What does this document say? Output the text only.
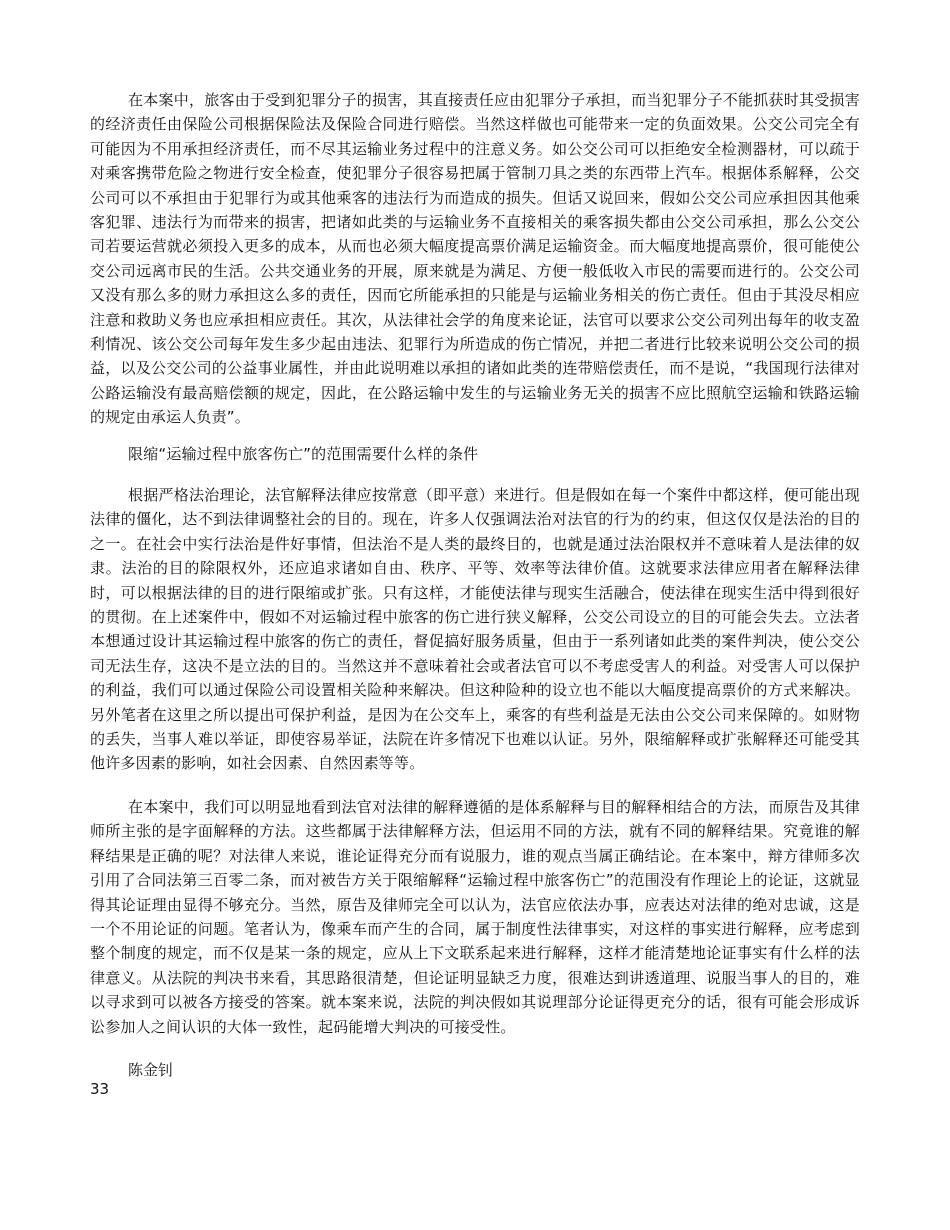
在本案中，旅客由于受到犯罪分子的损害，其直接责任应由犯罪分子承担，而当犯罪分子不能抓获时其受损害的经济责任由保险公司根据保险法及保险合同进行赔偿。当然这样做也可能带来一定的负面效果。公交公司完全有可能因为不用承担经济责任，而不尽其运输业务过程中的注意义务。如公交公司可以拒绝安全检测器材，可以疏于对乘客携带危险之物进行安全检查，使犯罪分子很容易把属于管制刀具之类的东西带上汽车。根据体系解释，公交公司可以不承担由于犯罪行为或其他乘客的违法行为而造成的损失。但话又说回来，假如公交公司应承担因其他乘客犯罪、违法行为而带来的损害，把诸如此类的与运输业务不直接相关的乘客损失都由公交公司承担，那么公交公司若要运营就必须投入更多的成本，从而也必须大幅度提高票价满足运输资金。而大幅度地提高票价，很可能使公交公司远离市民的生活。公共交通业务的开展，原来就是为满足、方便一般低收入市民的需要而进行的。公交公司又没有那么多的财力承担这么多的责任，因而它所能承担的只能是与运输业务相关的伤亡责任。但由于其没尽相应注意和救助义务也应承担相应责任。其次，从法律社会学的角度来论证，法官可以要求公交公司列出每年的收支盈利情况、该公交公司每年发生多少起由违法、犯罪行为所造成的伤亡情况，并把二者进行比较来说明公交公司的损益，以及公交公司的公益事业属性，并由此说明难以承担的诸如此类的连带赔偿责任，而不是说，“我国现行法律对公路运输没有最高赔偿额的规定，因此，在公路运输中发生的与运输业务无关的损害不应比照航空运输和铁路运输的规定由承运人负责”。

限缩“运输过程中旅客伤亡”的范围需要什么样的条件

根据严格法治理论，法官解释法律应按常意（即平意）来进行。但是假如在每一个案件中都这样，便可能出现法律的僵化，达不到法律调整社会的目的。现在，许多人仅强调法治对法官的行为的约束，但这仅仅是法治的目的之一。在社会中实行法治是件好事情，但法治不是人类的最终目的，也就是通过法治限权并不意味着人是法律的奴隶。法治的目的除限权外，还应追求诸如自由、秩序、平等、效率等法律价值。这就要求法律应用者在解释法律时，可以根据法律的目的进行限缩或扩张。只有这样，才能使法律与现实生活融合，使法律在现实生活中得到很好的贯彻。在上述案件中，假如不对运输过程中旅客的伤亡进行狭义解释，公交公司设立的目的可能会失去。立法者本想通过设计其运输过程中旅客的伤亡的责任，督促搞好服务质量，但由于一系列诸如此类的案件判决，使公交公司无法生存，这决不是立法的目的。当然这并不意味着社会或者法官可以不考虑受害人的利益。对受害人可以保护的利益，我们可以通过保险公司设置相关险种来解决。但这种险种的设立也不能以大幅度提高票价的方式来解决。另外笔者在这里之所以提出可保护利益，是因为在公交车上，乘客的有些利益是无法由公交公司来保障的。如财物的丢失，当事人难以举证，即使容易举证，法院在许多情况下也难以认证。另外，限缩解释或扩张解释还可能受其他许多因素的影响，如社会因素、自然因素等等。

在本案中，我们可以明显地看到法官对法律的解释遵循的是体系解释与目的解释相结合的方法，而原告及其律师所主张的是字面解释的方法。这些都属于法律解释方法，但运用不同的方法，就有不同的解释结果。究竟谁的解释结果是正确的呢？对法律人来说，谁论证得充分而有说服力，谁的观点当属正确结论。在本案中，辩方律师多次引用了合同法第三百零二条，而对被告方关于限缩解释“运输过程中旅客伤亡”的范围没有作理论上的论证，这就显得其论证理由显得不够充分。当然，原告及律师完全可以认为，法官应依法办事，应表达对法律的绝对忠诚，这是一个不用论证的问题。笔者认为，像乘车而产生的合同，属于制度性法律事实，对这样的事实进行解释，应考虑到整个制度的规定，而不仅是某一条的规定，应从上下文联系起来进行解释，这样才能清楚地论证事实有什么样的法律意义。从法院的判决书来看，其思路很清楚，但论证明显缺乏力度，很难达到讲透道理、说服当事人的目的，难以寻求到可以被各方接受的答案。就本案来说，法院的判决假如其说理部分论证得更充分的话，很有可能会形成诉讼参加人之间认识的大体一致性，起码能增大判决的可接受性。

陈金钊

33
